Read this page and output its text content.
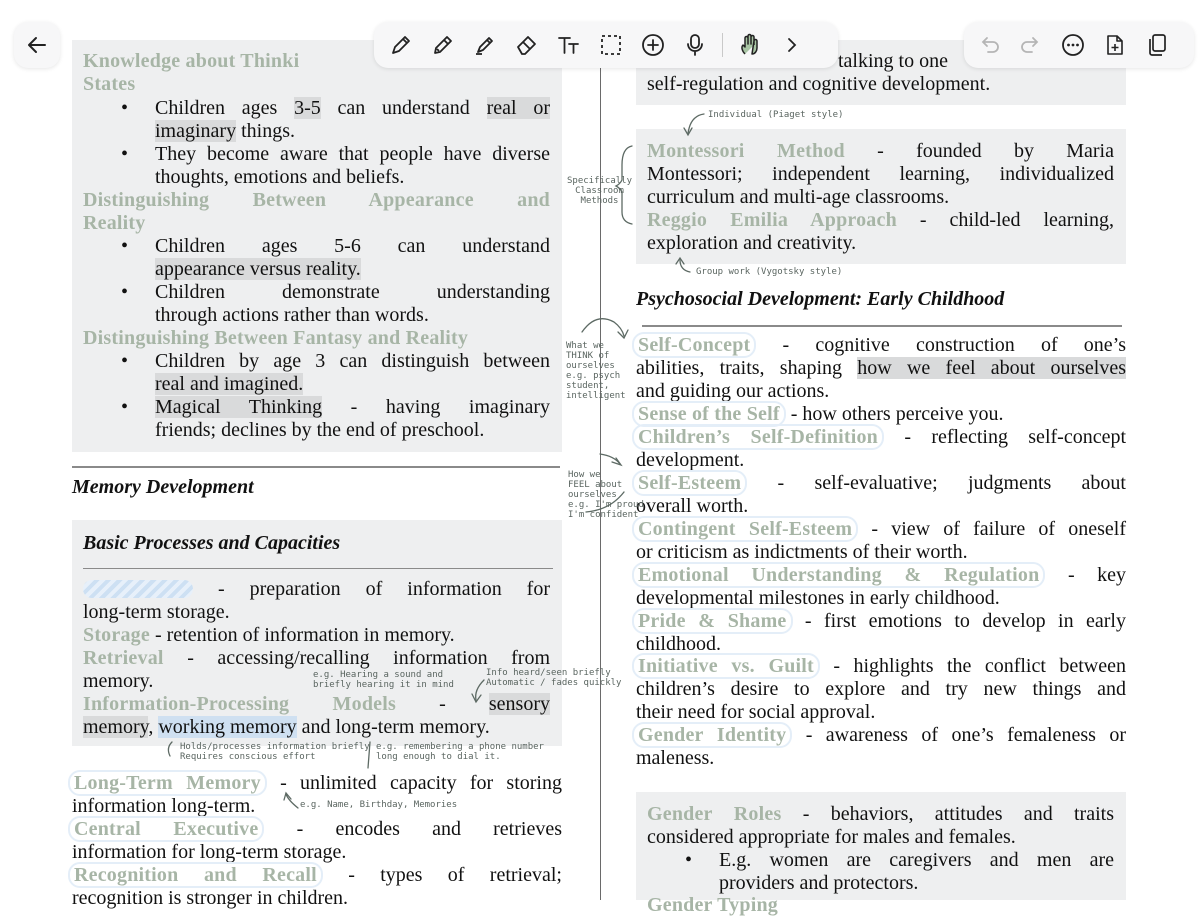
Knowledge about Thinki
States
• Children ages 3-5 can understand real or
imaginary things.
• They become aware that people have diverse
thoughts, emotions and beliefs.
Distinguishing Between Appearance and
Reality
• Children ages 5-6 can understand
appearance versus reality.
• Children demonstrate understanding
through actions rather than words.
Distinguishing Between Fantasy and Reality
• Children by age 3 can distinguish between
real and imagined.
• Magical Thinking - having imaginary
friends; declines by the end of preschool.
Memory Development
Basic Processes and Capacities
- preparation of information for
long-term storage.
Storage - retention of information in memory.
Retrieval - accessing/recalling information from
memory.
Information-Processing Models - sensory
memory, working memory and long-term memory.
Long-Term Memory - unlimited capacity for storing
information long-term.
Central Executive - encodes and retrieves
information for long-term storage.
Recognition and Recall - types of retrieval;
recognition is stronger in children.
talking to one
self-regulation and cognitive development.
Montessori Method - founded by Maria
Montessori; independent learning, individualized
curriculum and multi-age classrooms.
Reggio Emilia Approach - child-led learning,
exploration and creativity.
Psychosocial Development: Early Childhood
Self-Concept - cognitive construction of one’s
abilities, traits, shaping how we feel about ourselves
and guiding our actions.
Sense of the Self - how others perceive you.
Children’s Self-Definition - reflecting self-concept
development.
Self-Esteem - self-evaluative; judgments about
overall worth.
Contingent Self-Esteem - view of failure of oneself
or criticism as indictments of their worth.
Emotional Understanding & Regulation - key
developmental milestones in early childhood.
Pride & Shame - first emotions to develop in early
childhood.
Initiative vs. Guilt - highlights the conflict between
children’s desire to explore and try new things and
their need for social approval.
Gender Identity - awareness of one’s femaleness or
maleness.
Gender Roles - behaviors, attitudes and traits
considered appropriate for males and females.
• E.g. women are caregivers and men are
providers and protectors.
Gender Typing
Individual (Piaget style)
Group work (Vygotsky style)
Specifically
Classroom
Methods
What we
THINK of
ourselves
e.g. psych
student,
intelligent
How we
FEEL about
ourselves
e.g. I'm proud
I'm confident
e.g. Hearing a sound and
briefly hearing it in mind
Info heard/seen briefly
Automatic / fades quickly
Holds/processes information briefly
Requires conscious effort
e.g. remembering a phone number
long enough to dial it.
e.g. Name, Birthday, Memories
